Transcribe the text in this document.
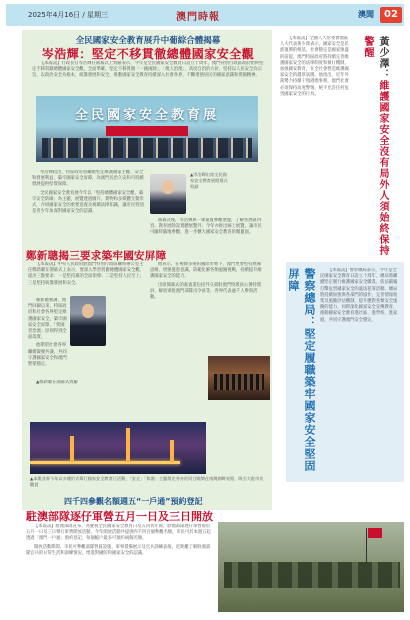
2025年4月16日 / 星期三	澳門時報	澳聞	02
全民國家安全教育展升中葡綜合體揭幕
岑浩輝：堅定不移貫徹總體國家安全觀

【本報訊】行政長官岑浩輝在開幕式上致辭表示，今年是全民國家安全教育日設立十周年，澳門特別行政區政府始終堅定不移貫徹總體國家安全觀，全面準確、堅定不移貫徹「一國兩制」、「澳人治澳」、高度自治的方針，堅持以人民安全為宗旨，以政治安全為根本，統籌發展和安全，推動國家安全教育持續深入社會各界，不斷增強居民的國家意識和愛國精神。

全民國家安全教育展

岑浩輝指出，特區政府將繼續堅定維護國家主權、安全和發展利益，築牢國家安全屏障，為澳門長治久安和可持續發展提供堅實保障。

全民國家安全教育展今年以「堅持總體國家安全觀，築牢安全防線」為主題，展覽透過圖片、實物和多媒體互動形式，介紹國家安全的重要意義及相關法律知識，讓市民特別是青少年加深對國家安全的認識。

▲岑浩輝出席全民國家安全教育展開幕式致辭

開幕式後，岑浩輝與一眾嘉賓參觀展覽，了解各展區內容。教育展除設實體展覽外，今年亦推出線上展覽，讓市民可隨時隨地參觀，進一步擴大國家安全教育的覆蓋面。

鄭新聰揭三要求築牢國安屏障

【本報訊】中央人民政府駐澳門特別行政區聯絡辦公室主任鄭新聰在開幕式上表示，要深入學習貫徹總體國家安全觀，提出三點要求：一是堅持黨的全面領導；二是堅持人民至上；三是堅持統籌發展和安全。

鄭新聰強調，澳門回歸以來，特區政府和社會各界堅定維護國家安全，築牢國家安全屏障，「愛國者治澳」原則得到全面落實。

他期望社會各界繼續凝聚共識，共同守護國家安全和澳門繁榮穩定。

▲鄭新聰在開幕式致辭

他表示，在複雜多變的國際形勢下，澳門更要堅持底線思維，增強憂患意識，防範化解各類風險挑戰，持續提升維護國家安全的能力。

出席開幕式的嘉賓還包括外交部駐澳門特派員公署特派員、解放軍駐澳門部隊司令員等，各界代表逾千人參與活動。

▲本澳各界今年以多種形式舉行國家安全教育日活動，「安全」「和諧」主題燈光秀亦於同日晚間在南灣湖畔亮燈，吸引大批市民觀賞

【本報訊】全國人大常委會澳區人大代表黃少澤表示，國家安全是民族復興的根基，社會穩定是國家強盛的前提。澳門特區政府將持續完善維護國家安全的法律制度和執行機制，加強國安教育，在全社會營造維護國家安全的濃厚氛圍。他指出，近年外部勢力持續干預港澳事務，澳門社會必須保持高度警惕，絕不允許任何危害國家安全的行為。

黃少澤：維護國家安全沒有局外人須始終保持警醒
警察總局：堅定履職築牢國家安全堅固屏障	【本報訊】警察總局表示，今年是全民國家安全教育日設立十周年，總局將繼續堅定履行維護國家安全職責，依法嚴厲打擊危害國家安全的違法犯罪活動。總局將持續加強與各部門的協作，完善情報收集及風險評估機制，提升應對各類安全風險的能力，同時深化國家安全宣傳教育，推動國家安全教育進社區、進學校、進家庭，共同守護澳門安全穩定。

四千四參觀名額週五“一戶通”預約登記
駐澳部隊逐仔軍營五月一日及三日開放

【本報訊】駐澳部隊宣布，為慶祝全民國家安全教育日及五四青年節，駐澳部隊逐仔軍營將於五月一日及三日舉行軍營開放活動。今年開放活動共提供四千四百個參觀名額，市民可於本週五起透過「澳門一戶通」預約登記，每個帳戶最多可預約兩個名額。

開放活動期間，市民可參觀部隊營區設施、軍事裝備展示及官兵訓練表演，近距離了解駐澳部隊官兵的日常生活和訓練情況，增進對國防和國家安全的認識。
